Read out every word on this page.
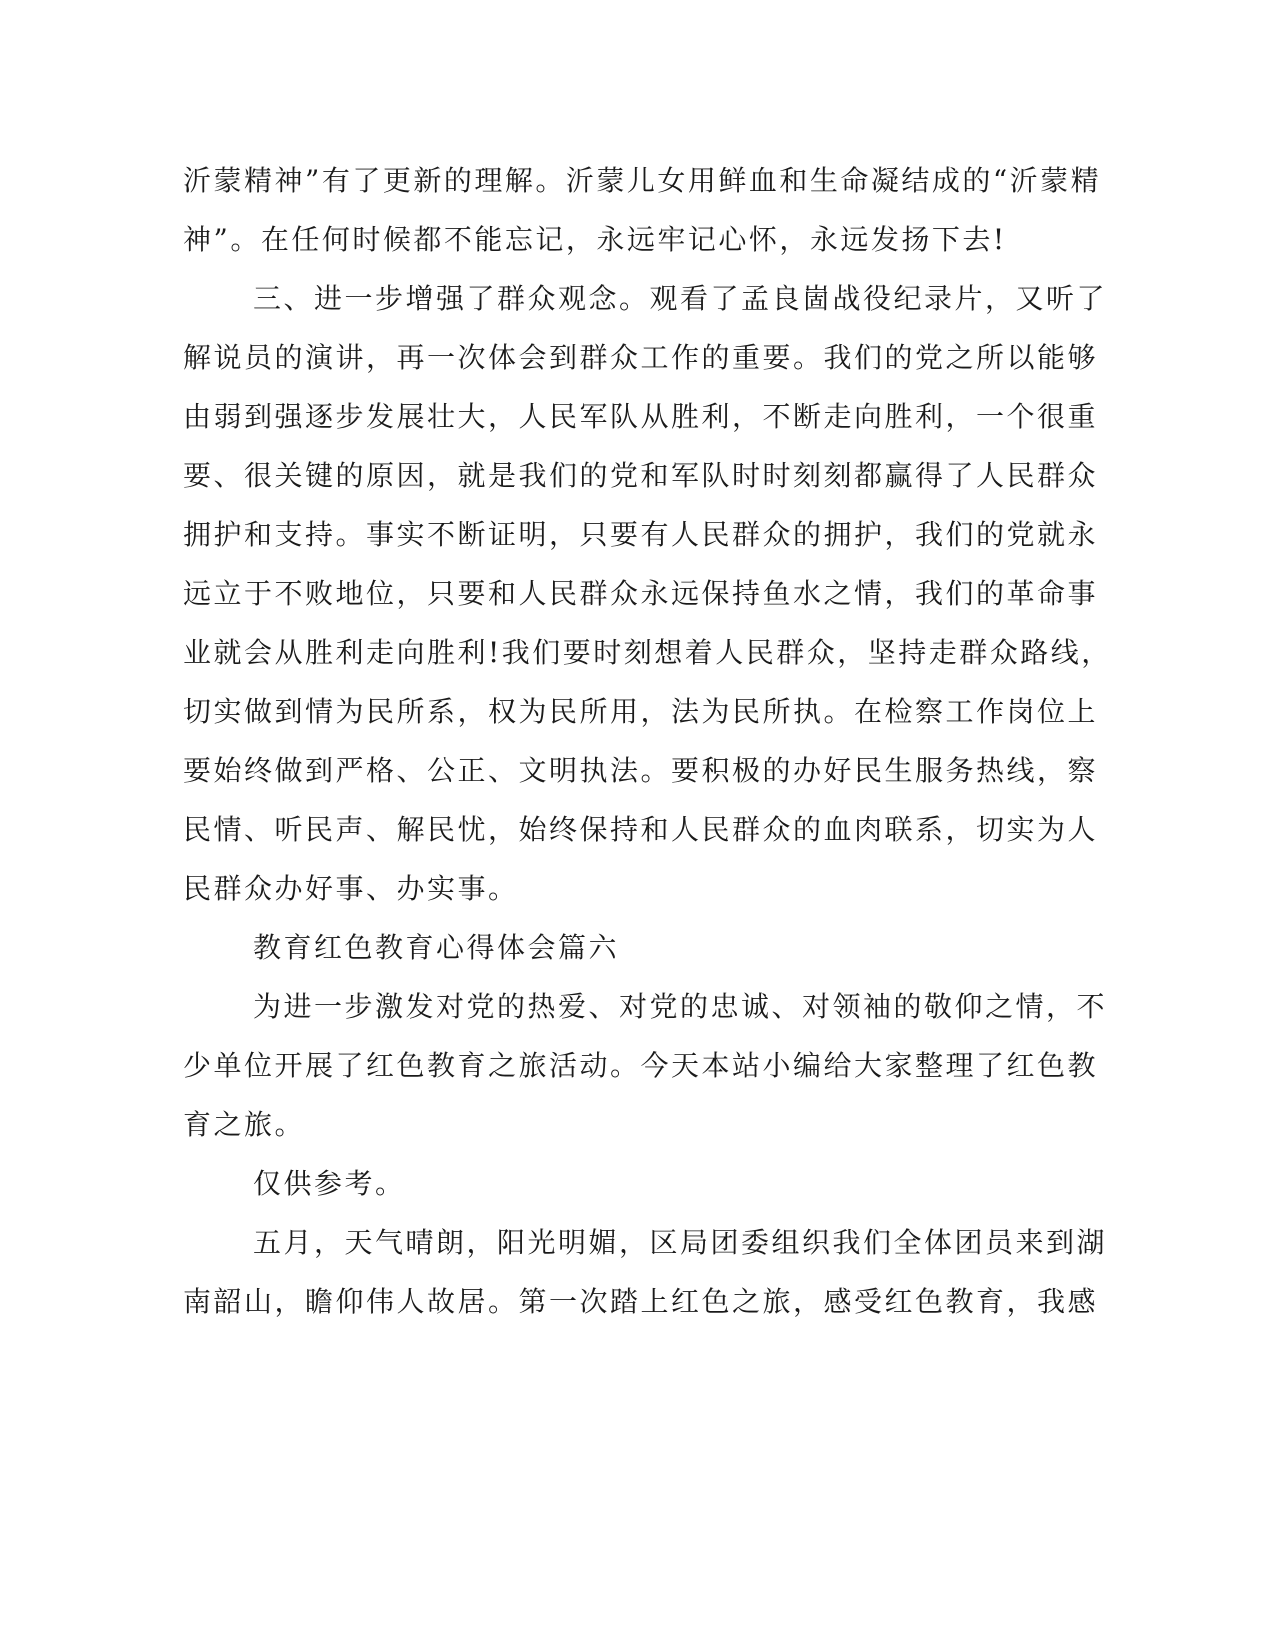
沂蒙精神”有了更新的理解。沂蒙儿女用鲜血和生命凝结成的“沂蒙精
神”。在任何时候都不能忘记，永远牢记心怀，永远发扬下去!
三、进一步增强了群众观念。观看了孟良崮战役纪录片，又听了
解说员的演讲，再一次体会到群众工作的重要。我们的党之所以能够
由弱到强逐步发展壮大，人民军队从胜利，不断走向胜利，一个很重
要、很关键的原因，就是我们的党和军队时时刻刻都赢得了人民群众
拥护和支持。事实不断证明，只要有人民群众的拥护，我们的党就永
远立于不败地位，只要和人民群众永远保持鱼水之情，我们的革命事
业就会从胜利走向胜利!我们要时刻想着人民群众，坚持走群众路线，
切实做到情为民所系，权为民所用，法为民所执。在检察工作岗位上
要始终做到严格、公正、文明执法。要积极的办好民生服务热线，察
民情、听民声、解民忧，始终保持和人民群众的血肉联系，切实为人
民群众办好事、办实事。
教育红色教育心得体会篇六
为进一步激发对党的热爱、对党的忠诚、对领袖的敬仰之情，不
少单位开展了红色教育之旅活动。今天本站小编给大家整理了红色教
育之旅。
仅供参考。
五月，天气晴朗，阳光明媚，区局团委组织我们全体团员来到湖
南韶山，瞻仰伟人故居。第一次踏上红色之旅，感受红色教育，我感
